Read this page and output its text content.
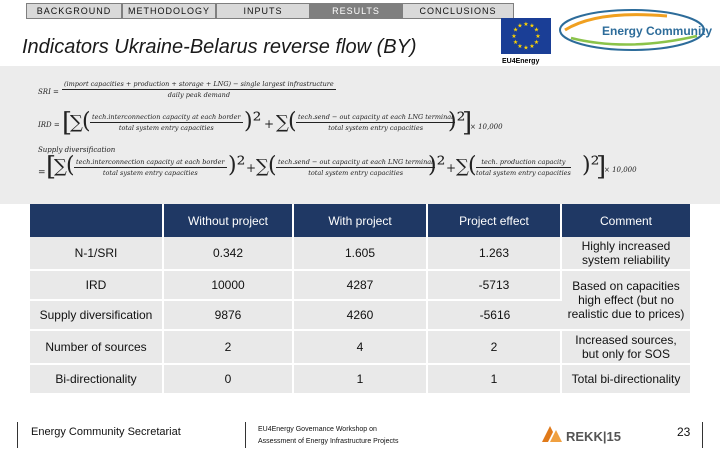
BACKGROUND	METHODOLOGY	INPUTS	RESULTS	CONCLUSIONS
Indicators Ukraine-Belarus reverse flow (BY)
★ ★
★
★
★
★
★
★
★
★
★
★
EU4Energy
Energy Community
SRI =
(import capacities + production + storage + LNG) − single largest infrastructure
daily peak demand
IRD = [
∑ ( tech.interconnection capacity at each border
total system entry capacities	)² + ∑ ( tech.send − out capacity at each LNG terminal
total system entry capacities	)²
]
× 10,000
Supply diversification
= [
∑ ( tech.interconnection capacity at each border
total system entry capacities	)² + ∑ ( tech.send − out capacity at each LNG terminal
total system entry capacities	)² + ∑ ( tech. production capacity
total system entry capacities )²
]
× 10,000
	Without project	With project	Project effect	Comment
N-1/SRI	0.342	1.605	1.263	Highly increased system reliability
IRD	10000	4287	-5713	Based on capacities high effect (but no realistic due to prices)
Supply diversification	9876	4260	-5616	
Number of sources	2	4	2	Increased sources, but only for SOS
Bi-directionality	0	1	1	Total bi-directionality
Energy Community Secretariat	EU4Energy Governance Workshop on
Assessment of Energy Infrastructure Projects	REKK|15	23
